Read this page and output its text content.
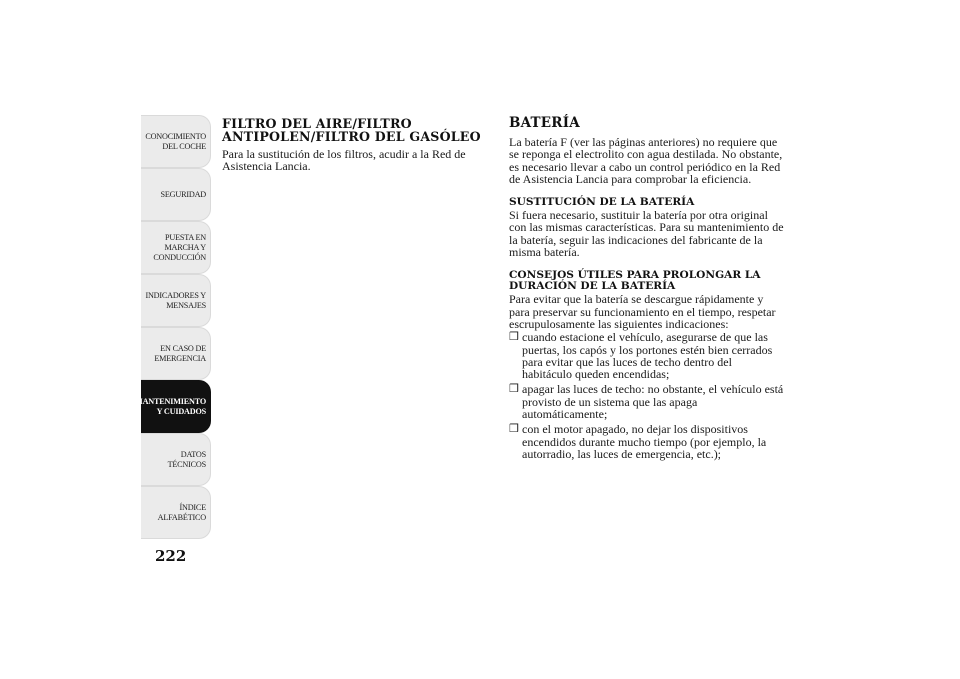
CONOCIMIENTO
DEL COCHE
SEGURIDAD
PUESTA EN
MARCHA Y
CONDUCCIÓN
INDICADORES Y
MENSAJES
EN CASO DE
EMERGENCIA
MANTENIMIENTO
Y CUIDADOS
DATOS TÉCNICOS
ÍNDICE
ALFABÉTICO
222
FILTRO DEL AIRE/FILTRO ANTIPOLEN/FILTRO DEL GASÓLEO

Para la sustitución de los filtros, acudir a la Red de Asistencia Lancia.

BATERÍA

La batería F (ver las páginas anteriores) no requiere que se reponga el electrolito con agua destilada. No obstante, es necesario llevar a cabo un control periódico en la Red de Asistencia Lancia para comprobar la eficiencia.

SUSTITUCIÓN DE LA BATERÍA

Si fuera necesario, sustituir la batería por otra original con las mismas características. Para su mantenimiento de la batería, seguir las indicaciones del fabricante de la misma batería.

CONSEJOS ÚTILES PARA PROLONGAR LA DURACIÓN DE LA BATERÍA

Para evitar que la batería se descargue rápidamente y para preservar su funcionamiento en el tiempo, respetar escrupulosamente las siguientes indicaciones:

❒ cuando estacione el vehículo, asegurarse de que las puertas, los capós y los portones estén bien cerrados para evitar que las luces de techo dentro del habitáculo queden encendidas;
❒ apagar las luces de techo: no obstante, el vehículo está provisto de un sistema que las apaga automáticamente;
❒ con el motor apagado, no dejar los dispositivos encendidos durante mucho tiempo (por ejemplo, la autorradio, las luces de emergencia, etc.);
